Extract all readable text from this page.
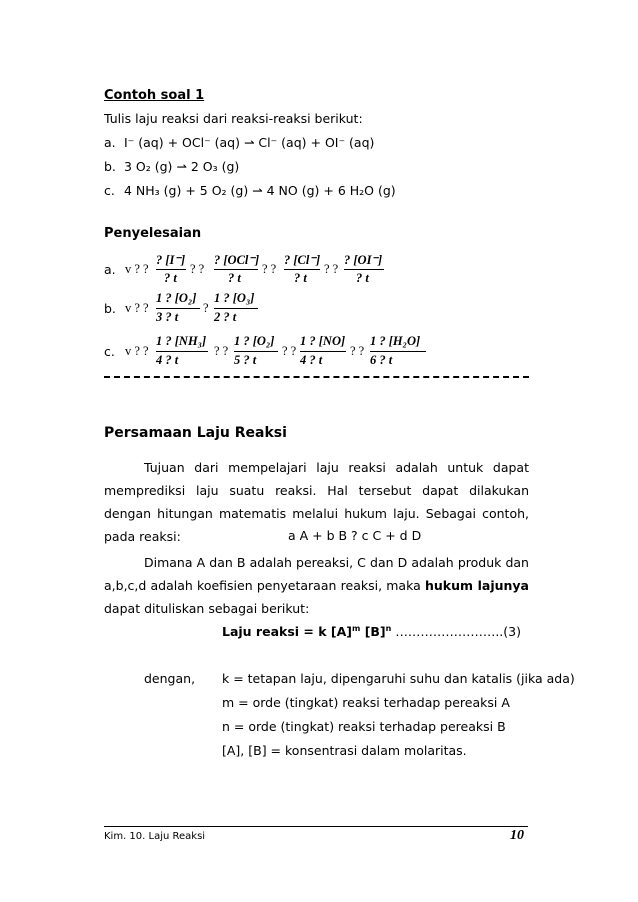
Contoh soal 1
Tulis laju reaksi dari reaksi-reaksi berikut:
a. I⁻ (aq) + OCl⁻ (aq) ⇀ Cl⁻ (aq) + OI⁻ (aq)
b. 3 O₂ (g) ⇀ 2 O₃ (g)
c. 4 NH₃ (g) + 5 O₂ (g) ⇀ 4 NO (g) + 6 H₂O (g)
Penyelesaian
a. v ? ?
? [I⁻]
? t
? ?
? [OCl⁻]
? t
? ?
? [Cl⁻]
? t
? ?
? [OI⁻]
? t
b. v ? ?
1 ? [O₂]
3 ? t
?
1 ? [O₃]
2 ? t
c. v ? ?
1 ? [NH₃]
4 ? t
? ?
1 ? [O₂]
5 ? t
? ?
1 ? [NO]
4 ? t
? ?
1 ? [H₂O]
6 ? t
Persamaan Laju Reaksi
Tujuan dari mempelajari laju reaksi adalah untuk dapat memprediksi laju suatu reaksi. Hal tersebut dapat dilakukan dengan hitungan matematis melalui hukum laju. Sebagai contoh, pada reaksi:	a A + b B ? c C + d D
Dimana A dan B adalah pereaksi, C dan D adalah produk dan a,b,c,d adalah koefisien penyetaraan reaksi, maka hukum lajunya dapat dituliskan sebagai berikut:
Laju reaksi = k $[A]^m$ $[B]^n$ ……………………..(3)
dengan, k = tetapan laju, dipengaruhi suhu dan katalis (jika ada)
m = orde (tingkat) reaksi terhadap pereaksi A
n = orde (tingkat) reaksi terhadap pereaksi B
[A], [B] = konsentrasi dalam molaritas.
Kim. 10. Laju Reaksi	10
